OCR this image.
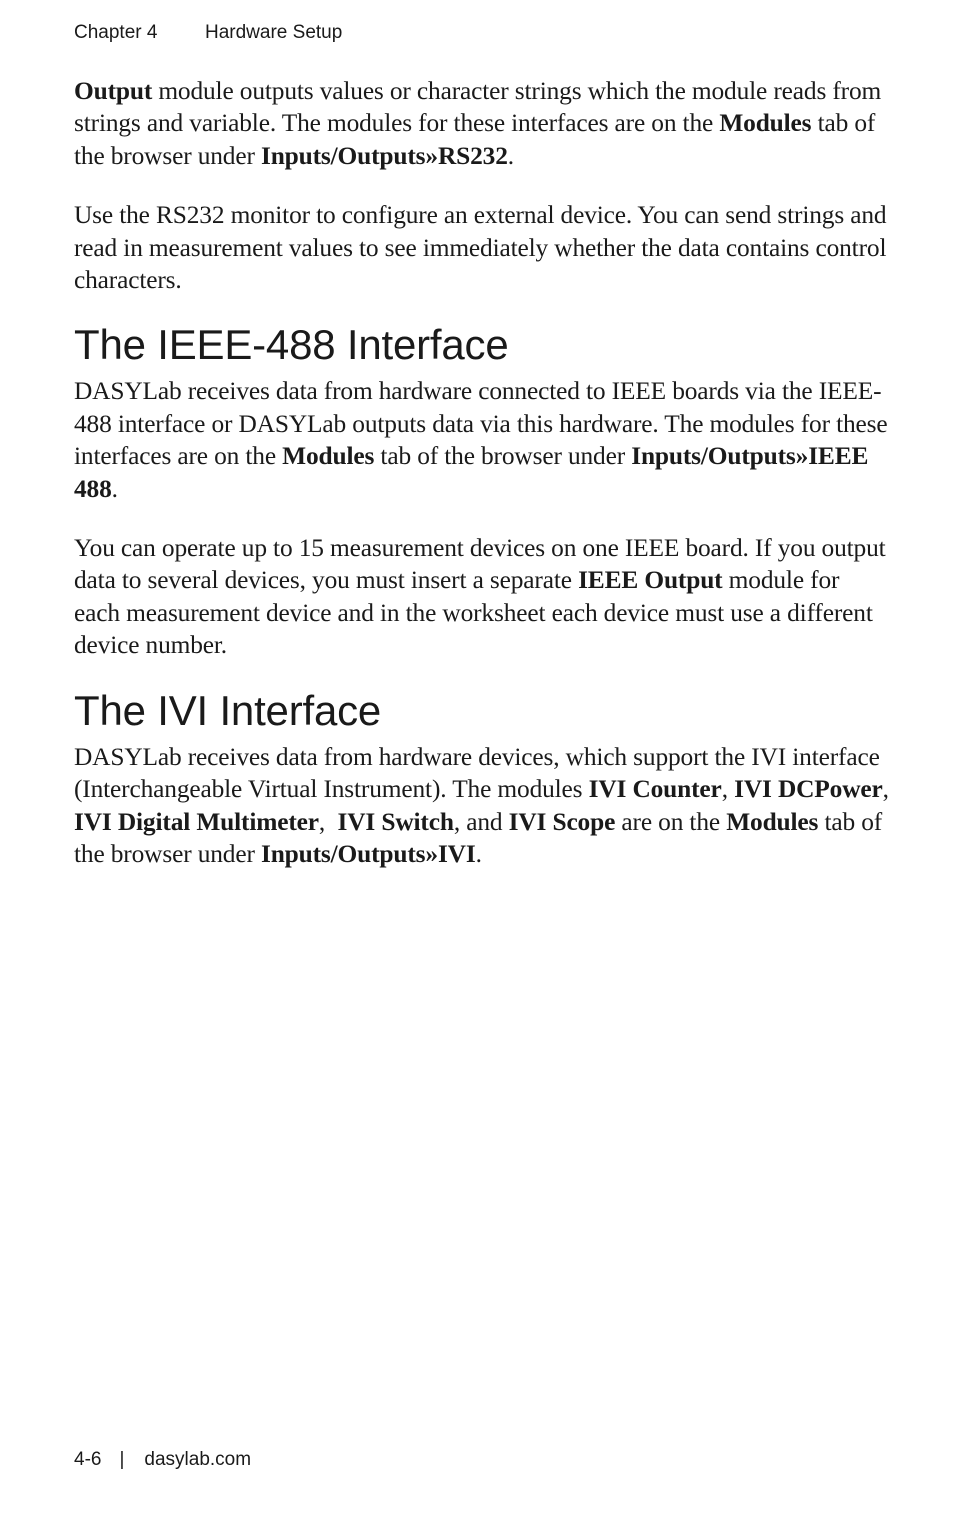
Chapter 4	Hardware Setup

Output module outputs values or character strings which the module reads from strings and variable. The modules for these interfaces are on the Modules tab of the browser under Inputs/Outputs»RS232.

Use the RS232 monitor to configure an external device. You can send strings and read in measurement values to see immediately whether the data contains control characters.

The IEEE-488 Interface

DASYLab receives data from hardware connected to IEEE boards via the IEEE-488 interface or DASYLab outputs data via this hardware. The modules for these interfaces are on the Modules tab of the browser under Inputs/Outputs»IEEE 488.

You can operate up to 15 measurement devices on one IEEE board. If you output data to several devices, you must insert a separate IEEE Output module for each measurement device and in the worksheet each device must use a different device number.

The IVI Interface

DASYLab receives data from hardware devices, which support the IVI interface (Interchangeable Virtual Instrument). The modules IVI Counter, IVI DCPower, IVI Digital Multimeter,  IVI Switch, and IVI Scope are on the Modules tab of the browser under Inputs/Outputs»IVI.

4-6 | dasylab.com
